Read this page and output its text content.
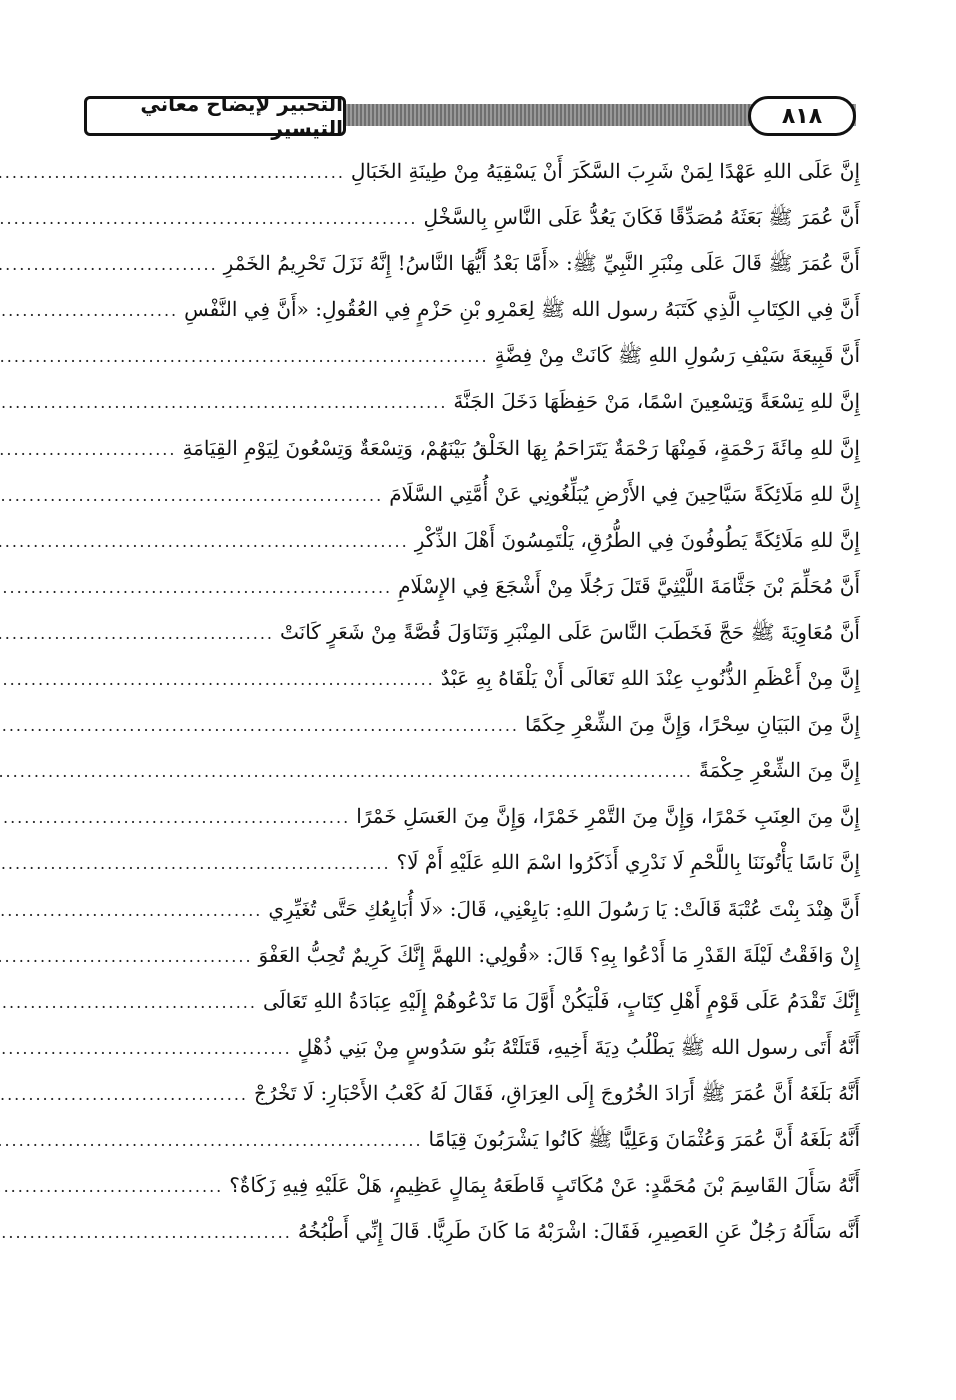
التحبير لإيضاح معاني التيسير	٨١٨
إِنَّ عَلَى اللهِ عَهْدًا لِمَنْ شَرِبَ السَّكَرَ أَنْ يَسْقِيَهُ مِنْ طِينَةِ الخَبَالِ
.....
أَنَّ عُمَرَ ﷺ بَعَثَهُ مُصَدِّقًا فَكَانَ يَعُدُّ عَلَى النَّاسِ بِالسَّخْلِ
.....
أَنَّ عُمَرَ ﷺ قَالَ عَلَى مِنْبَرِ النَّبِيِّ ﷺ: «أَمَّا بَعْدُ أَيُّهَا النَّاسُ! إِنَّهُ نَزَلَ تَحْرِيمُ الخَمْرِ
.....
أَنَّ فِي الكِتَابِ الَّذِي كَتَبَهُ رسول الله ﷺ لِعَمْرِو بْنِ حَزْمٍ فِي العُقُولِ: «أَنَّ فِي النَّفْسِ
.....
أَنَّ قَبِيعَةَ سَيْفِ رَسُولِ اللهِ ﷺ كَانَتْ مِنْ فِضَّةٍ
.....
إِنَّ للهِ تِسْعَةً وَتِسْعِينَ اسْمًا، مَنْ حَفِظَهَا دَخَلَ الجَنَّةَ
.....
إِنَّ للهِ مِائَةَ رَحْمَةٍ، فَمِنْهَا رَحْمَةٌ يَتَرَاحَمُ بِهَا الخَلْقُ بَيْنَهُمْ، وَتِسْعَةٌ وَتِسْعُونَ لِيَوْمِ القِيَامَةِ
.....
إِنَّ للهِ مَلَائِكَةً سَيَّاحِينَ فِي الأَرْضِ يُبَلِّغُونِي عَنْ أُمَّتِي السَّلَامَ
.....
إِنَّ للهِ مَلَائِكَةً يَطُوفُونَ فِي الطُّرُقِ، يَلْتَمِسُونَ أَهْلَ الذِّكْرِ
.....
أَنَّ مُحَلِّمَ بْنَ جَثَّامَةَ اللَّيْثِيَّ قَتَلَ رَجُلًا مِنْ أَشْجَعَ فِي الإِسْلَامِ
.....
أَنَّ مُعَاوِيَةَ ﷺ حَجَّ فَخَطَبَ النَّاسَ عَلَى المِنْبَرِ وَتَنَاوَلَ قُصَّةً مِنْ شَعَرٍ كَانَتْ
.....
إِنَّ مِنْ أَعْظَمِ الذُّنُوبِ عِنْدَ اللهِ تَعَالَى أَنْ يَلْقَاهُ بِهِ عَبْدٌ
.....
إِنَّ مِنَ البَيَانِ سِحْرًا، وَإِنَّ مِنَ الشِّعْرِ حِكَمًا
.....
إِنَّ مِنَ الشِّعْرِ حِكْمَةً
.....
إِنَّ مِنَ العِنَبِ خَمْرًا، وَإِنَّ مِنَ التَّمْرِ خَمْرًا، وَإِنَّ مِنَ العَسَلِ خَمْرًا
.....
إِنَّ نَاسًا يَأْتُونَنَا بِاللَّحْمِ لَا نَدْرِي أَذَكَرُوا اسْمَ اللهِ عَلَيْهِ أَمْ لَا؟
.....
أَنَّ هِنْدَ بِنْتَ عُتْبَةَ قَالَتْ: يَا رَسُولَ اللهِ: بَايِعْنِي، قَالَ: «لَا أُبَايِعُكِ حَتَّى تُغَيِّرِي
.....
إِنْ وَافَقْتُ لَيْلَةَ القَدْرِ مَا أَدْعُوا بِهِ؟ قَالَ: «قُولِي: اللهمَّ إِنَّكَ كَرِيمٌ تُحِبُّ العَفْوَ
.....
إِنَّكَ تَقْدَمُ عَلَى قَوْمٍ أَهْلِ كِتَابٍ، فَلْيَكُنْ أَوَّلَ مَا تَدْعُوهُمْ إِلَيْهِ عِبَادَةُ اللهِ تَعَالَى
.....
أَنَّهُ أَتَى رسول الله ﷺ يَطْلُبُ دِيَةَ أَخِيهِ، قَتَلَتْهُ بَنُو سَدُوسٍ مِنْ بَنِي ذُهْلٍ
.....
أَنَّهُ بَلَغَهُ أَنَّ عُمَرَ ﷺ أَرَادَ الخُرُوجَ إِلَى العِرَاقِ، فَقَالَ لَهُ كَعْبُ الأَحْبَارِ: لَا تَخْرُجْ
.....
أَنَّهُ بَلَغَهُ أَنَّ عُمَرَ وَعُثْمَانَ وَعَلِيًّا ﷺ كَانُوا يَشْرَبُونَ قِيَامًا
.....
أَنَّهُ سَأَلَ القَاسِمَ بْنَ مُحَمَّدٍ: عَنْ مُكَاتَبٍ قَاطَعَهُ بِمَالٍ عَظِيمٍ، هَلْ عَلَيْهِ فِيهِ زَكَاةٌ؟
.....
أَنَّه سَأَلَهُ رَجُلٌ عَنِ العَصِيرِ، فَقَالَ: اشْرَبْهُ مَا كَانَ طَرِيًّا. قَالَ إِنِّي أَطْبُخُهُ
.....
